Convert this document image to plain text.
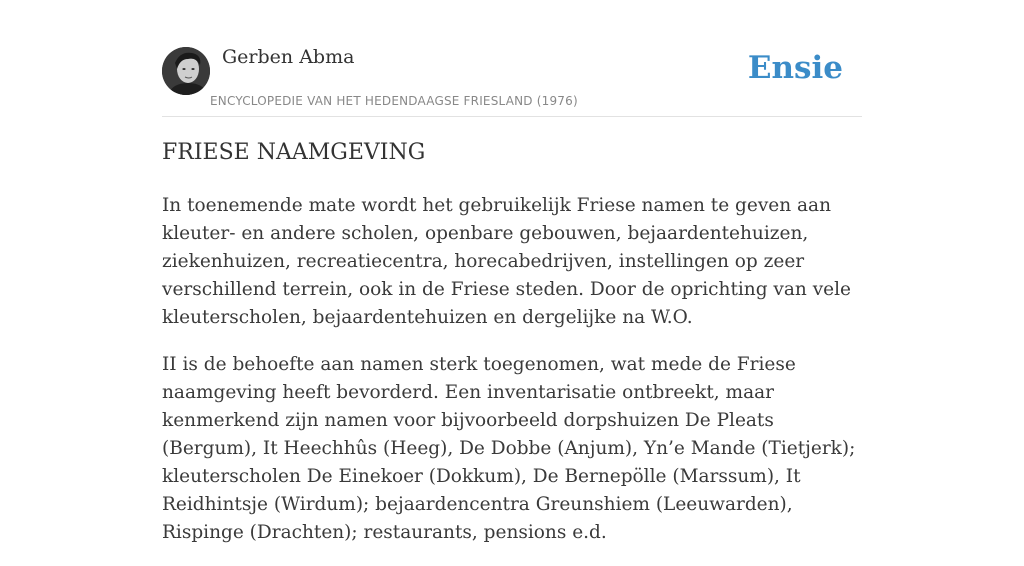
Gerben Abma
ENCYCLOPEDIE VAN HET HEDENDAAGSE FRIESLAND (1976)
Ensie
FRIESE NAAMGEVING

In toenemende mate wordt het gebruikelijk Friese namen te geven aan kleuter- en andere scholen, openbare gebouwen, bejaardentehuizen, ziekenhuizen, recreatiecentra, horecabedrijven, instellingen op zeer verschillend terrein, ook in de Friese steden. Door de oprichting van vele kleuterscholen, bejaardentehuizen en dergelijke na W.O.

II is de behoefte aan namen sterk toegenomen, wat mede de Friese naamgeving heeft bevorderd. Een inventarisatie ontbreekt, maar kenmerkend zijn namen voor bijvoorbeeld dorpshuizen De Pleats (Bergum), It Heechhûs (Heeg), De Dobbe (Anjum), Yn’e Mande (Tietjerk); kleuterscholen De Einekoer (Dokkum), De Bernepölle (Marssum), It Reidhintsje (Wirdum); bejaardencentra Greunshiem (Leeuwarden), Rispinge (Drachten); restaurants, pensions e.d.
